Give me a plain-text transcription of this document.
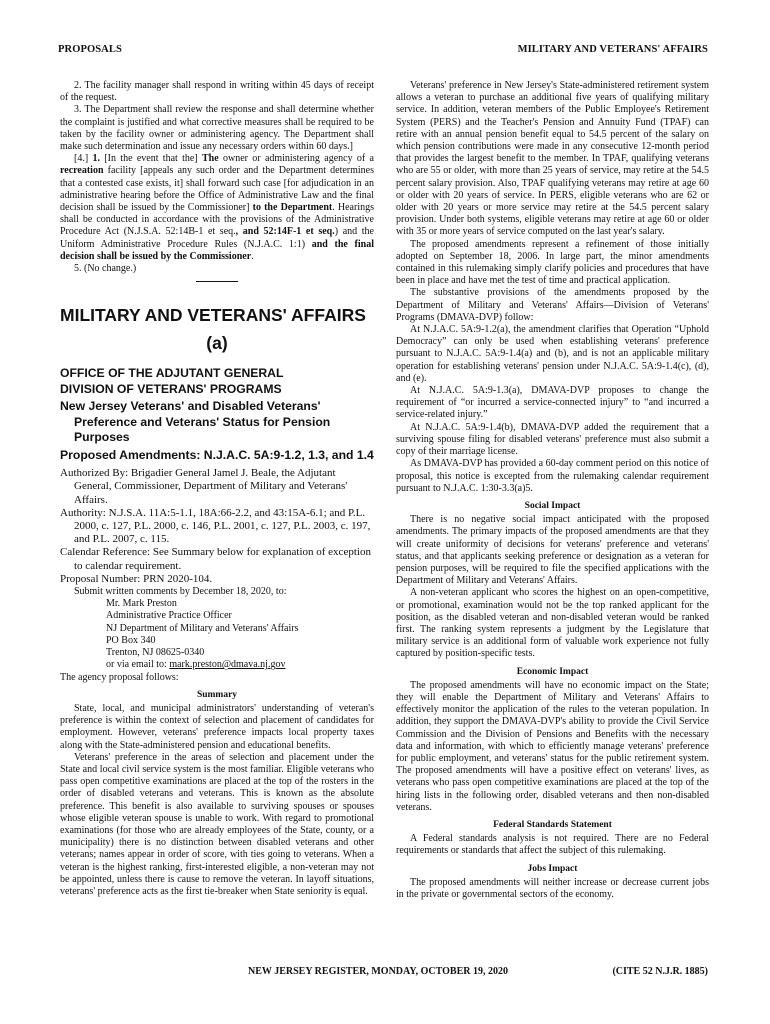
PROPOSALS	MILITARY AND VETERANS' AFFAIRS

2. The facility manager shall respond in writing within 45 days of receipt of the request.

3. The Department shall review the response and shall determine whether the complaint is justified and what corrective measures shall be required to be taken by the facility owner or administering agency. The Department shall make such determination and issue any necessary orders within 60 days.]

[4.] 1. [In the event that the] The owner or administering agency of a recreation facility [appeals any such order and the Department determines that a contested case exists, it] shall forward such case [for adjudication in an administrative hearing before the Office of Administrative Law and the final decision shall be issued by the Commissioner] to the Department. Hearings shall be conducted in accordance with the provisions of the Administrative Procedure Act (N.J.S.A. 52:14B-1 et seq., and 52:14F-1 et seq.) and the Uniform Administrative Procedure Rules (N.J.A.C. 1:1) and the final decision shall be issued by the Commissioner.

5. (No change.)

MILITARY AND VETERANS' AFFAIRS

(a)

OFFICE OF THE ADJUTANT GENERAL

DIVISION OF VETERANS' PROGRAMS

New Jersey Veterans' and Disabled Veterans' Preference and Veterans' Status for Pension Purposes

Proposed Amendments: N.J.A.C. 5A:9-1.2, 1.3, and 1.4

Authorized By: Brigadier General Jamel J. Beale, the Adjutant General, Commissioner, Department of Military and Veterans' Affairs.

Authority: N.J.S.A. 11A:5-1.1, 18A:66-2.2, and 43:15A-6.1; and P.L. 2000, c. 127, P.L. 2000, c. 146, P.L. 2001, c. 127, P.L. 2003, c. 197, and P.L. 2007, c. 115.

Calendar Reference: See Summary below for explanation of exception to calendar requirement.

Proposal Number: PRN 2020-104.

Submit written comments by December 18, 2020, to:

Mr. Mark Preston

Administrative Practice Officer

NJ Department of Military and Veterans' Affairs

PO Box 340

Trenton, NJ 08625-0340

or via email to: mark.preston@dmava.nj.gov

The agency proposal follows:

Summary

State, local, and municipal administrators' understanding of veteran's preference is within the context of selection and placement of candidates for employment. However, veterans' preference impacts local property taxes along with the State-administered pension and educational benefits.

Veterans' preference in the areas of selection and placement under the State and local civil service system is the most familiar. Eligible veterans who pass open competitive examinations are placed at the top of the rosters in the order of disabled veterans and veterans. This is known as the absolute preference. This benefit is also available to surviving spouses or spouses whose eligible veteran spouse is unable to work. With regard to promotional examinations (for those who are already employees of the State, county, or a municipality) there is no distinction between disabled veterans and other veterans; names appear in order of score, with ties going to veterans. When a veteran is the highest ranking, first-interested eligible, a non-veteran may not be appointed, unless there is cause to remove the veteran. In layoff situations, veterans' preference acts as the first tie-breaker when State seniority is equal.

Veterans' preference in New Jersey's State-administered retirement system allows a veteran to purchase an additional five years of qualifying military service. In addition, veteran members of the Public Employee's Retirement System (PERS) and the Teacher's Pension and Annuity Fund (TPAF) can retire with an annual pension benefit equal to 54.5 percent of the salary on which pension contributions were made in any consecutive 12-month period that provides the largest benefit to the member. In TPAF, qualifying veterans who are 55 or older, with more than 25 years of service, may retire at the 54.5 percent salary provision. Also, TPAF qualifying veterans may retire at age 60 or older with 20 years of service. In PERS, eligible veterans who are 62 or older with 20 years or more service may retire at the 54.5 percent salary provision. Under both systems, eligible veterans may retire at age 60 or older with 35 or more years of service computed on the last year's salary.

The proposed amendments represent a refinement of those initially adopted on September 18, 2006. In large part, the minor amendments contained in this rulemaking simply clarify policies and procedures that have been in place and have met the test of time and practical application.

The substantive provisions of the amendments proposed by the Department of Military and Veterans' Affairs—Division of Veterans' Programs (DMAVA-DVP) follow:

At N.J.A.C. 5A:9-1.2(a), the amendment clarifies that Operation “Uphold Democracy” can only be used when establishing veterans' preference pursuant to N.J.A.C. 5A:9-1.4(a) and (b), and is not an applicable military operation for establishing veterans' pension under N.J.A.C. 5A:9-1.4(c), (d), and (e).

At N.J.A.C. 5A:9-1.3(a), DMAVA-DVP proposes to change the requirement of “or incurred a service-connected injury” to “and incurred a service-related injury.”

At N.J.A.C. 5A:9-1.4(b), DMAVA-DVP added the requirement that a surviving spouse filing for disabled veterans' preference must also submit a copy of their marriage license.

As DMAVA-DVP has provided a 60-day comment period on this notice of proposal, this notice is excepted from the rulemaking calendar requirement pursuant to N.J.A.C. 1:30-3.3(a)5.

Social Impact

There is no negative social impact anticipated with the proposed amendments. The primary impacts of the proposed amendments are that they will create uniformity of decisions for veterans' preference and veterans' status, and that applicants seeking preference or designation as a veteran for pension purposes, will be required to file the specified applications with the Department of Military and Veterans' Affairs.

A non-veteran applicant who scores the highest on an open-competitive, or promotional, examination would not be the top ranked applicant for the position, as the disabled veteran and non-disabled veteran would be ranked first. The ranking system represents a judgment by the Legislature that military service is an additional form of valuable work experience not fully captured by position-specific tests.

Economic Impact

The proposed amendments will have no economic impact on the State; they will enable the Department of Military and Veterans' Affairs to effectively monitor the application of the rules to the veteran population. In addition, they support the DMAVA-DVP's ability to provide the Civil Service Commission and the Division of Pensions and Benefits with the necessary data and information, with which to efficiently manage veterans' preference for public employment, and veterans' status for the public retirement system. The proposed amendments will have a positive effect on veterans' lives, as veterans who pass open competitive examinations are placed at the top of the hiring lists in the following order, disabled veterans and then non-disabled veterans.

Federal Standards Statement

A Federal standards analysis is not required. There are no Federal requirements or standards that affect the subject of this rulemaking.

Jobs Impact

The proposed amendments will neither increase or decrease current jobs in the private or governmental sectors of the economy.

NEW JERSEY REGISTER, MONDAY, OCTOBER 19, 2020	(CITE 52 N.J.R. 1885)
